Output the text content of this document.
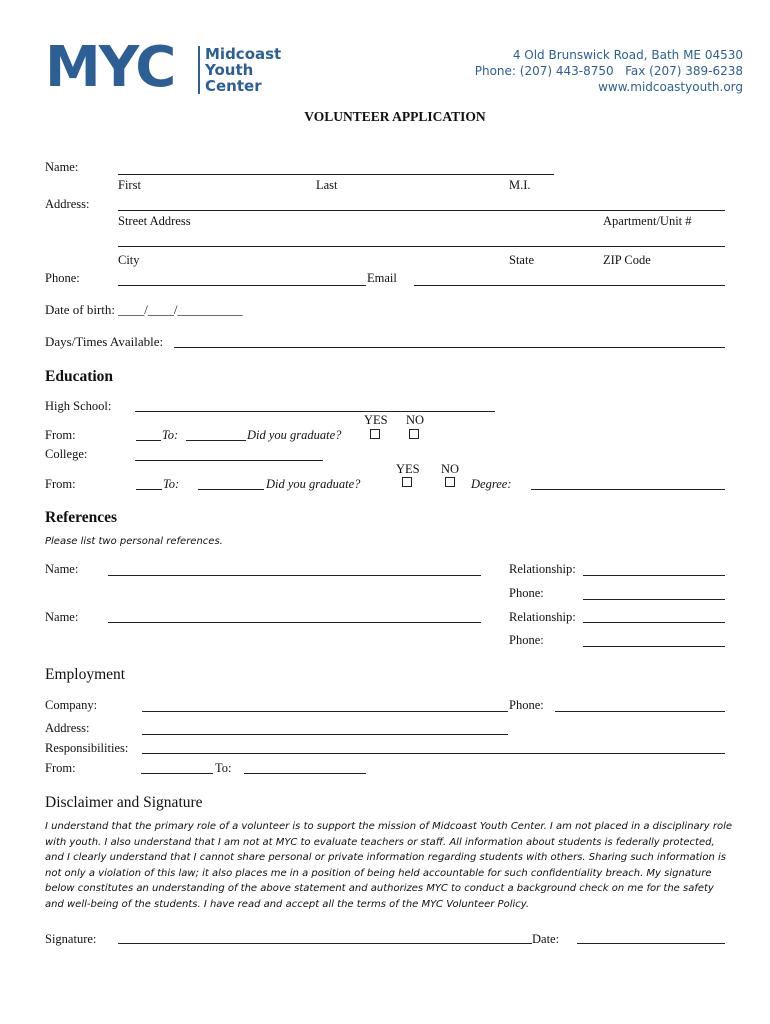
MYC Midcoast
Youth
Center
4 Old Brunswick Road, Bath ME 04530
Phone: (207) 443-8750   Fax (207) 389-6238
www.midcoastyouth.org
VOLUNTEER APPLICATION
Name:
First	Last	M.I.
Address:
Street Address	Apartment/Unit #
City	State	ZIP Code
Phone:	Email
Date of birth: ____/____/__________
Days/Times Available:
Education
High School:
YES NO
From:	To:	Did you graduate?
College:
YES NO
From:	To:	Did you graduate?	Degree:
References
Please list two personal references.
Name:	Relationship:
Phone:
Name:	Relationship:
Phone:
Employment
Company:	Phone:
Address:
Responsibilities:
From:	To:
Disclaimer and Signature
I understand that the primary role of a volunteer is to support the mission of Midcoast Youth Center. I am not placed in a disciplinary role with youth. I also understand that I am not at MYC to evaluate teachers or staff. All information about students is federally protected, and I clearly understand that I cannot share personal or private information regarding students with others. Sharing such information is not only a violation of this law; it also places me in a position of being held accountable for such confidentiality breach. My signature below constitutes an understanding of the above statement and authorizes MYC to conduct a background check on me for the safety and well-being of the students. I have read and accept all the terms of the MYC Volunteer Policy.
Signature:	Date:
